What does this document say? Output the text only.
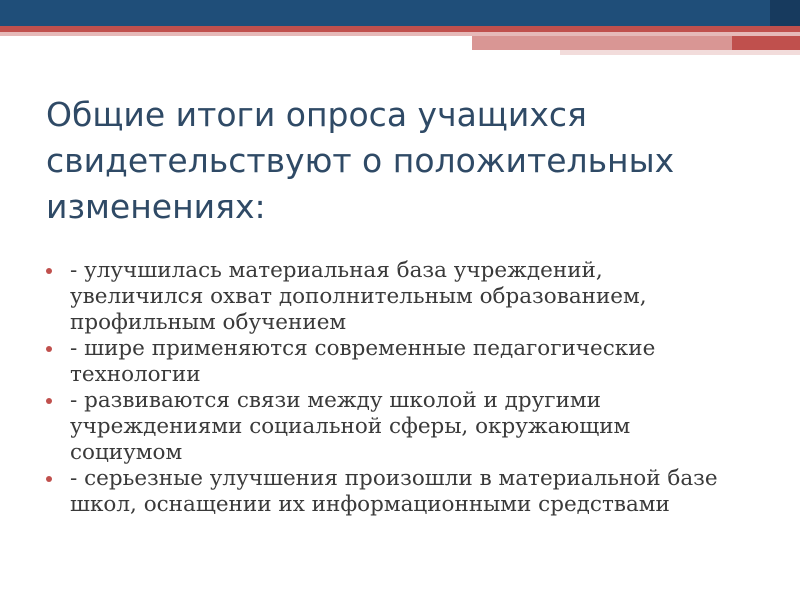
Общие итоги опроса учащихся свидетельствуют о положительных изменениях:
- улучшилась материальная база учреждений, увеличился охват дополнительным образованием, профильным обучением
- шире применяются современные педагогические технологии
- развиваются связи между школой и другими учреждениями социальной сферы, окружающим социумом
- серьезные улучшения произошли в материальной базе школ, оснащении их информационными средствами
